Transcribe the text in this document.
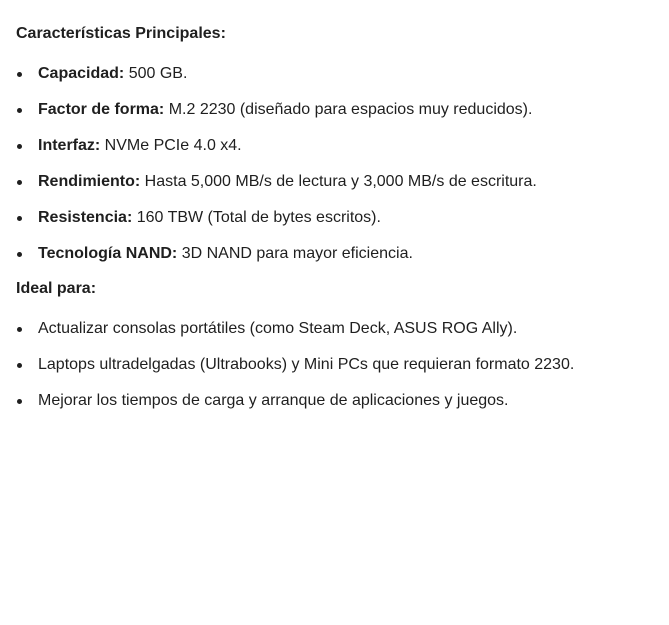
Características Principales:

Capacidad: 500 GB.
Factor de forma: M.2 2230 (diseñado para espacios muy reducidos).
Interfaz: NVMe PCIe 4.0 x4.
Rendimiento: Hasta 5,000 MB/s de lectura y 3,000 MB/s de escritura.
Resistencia: 160 TBW (Total de bytes escritos).
Tecnología NAND: 3D NAND para mayor eficiencia.

Ideal para:

Actualizar consolas portátiles (como Steam Deck, ASUS ROG Ally).
Laptops ultradelgadas (Ultrabooks) y Mini PCs que requieran formato 2230.
Mejorar los tiempos de carga y arranque de aplicaciones y juegos.
